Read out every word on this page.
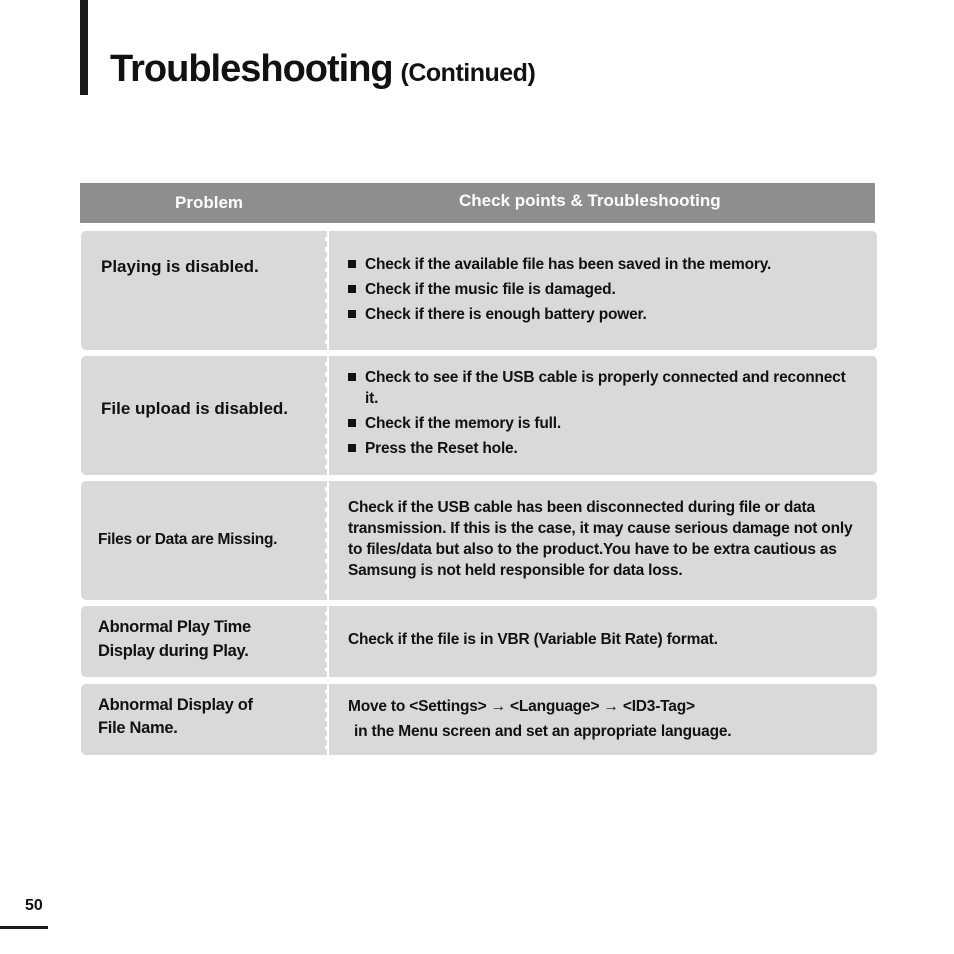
Troubleshooting (Continued)
Problem	Check points & Troubleshooting
Playing is disabled.	Check if the available file has been saved in the memory.
Check if the music file is damaged.
Check if there is enough battery power.
File upload is disabled.
Check to see if the USB cable is properly connected and reconnect it.
Check if the memory is full.
Press the Reset hole.
Files or Data are Missing.
Check if the USB cable has been disconnected during file or data transmission. If this is the case, it may cause serious damage not only to files/data but also to the product.You have to be extra cautious as Samsung is not held responsible for data loss.
Abnormal Play Time
Display during Play.
Check if the file is in VBR (Variable Bit Rate) format.
Abnormal Display of
File Name.
Move to <Settings> → <Language> → <ID3-Tag>
in the Menu screen and set an appropriate language.
50
